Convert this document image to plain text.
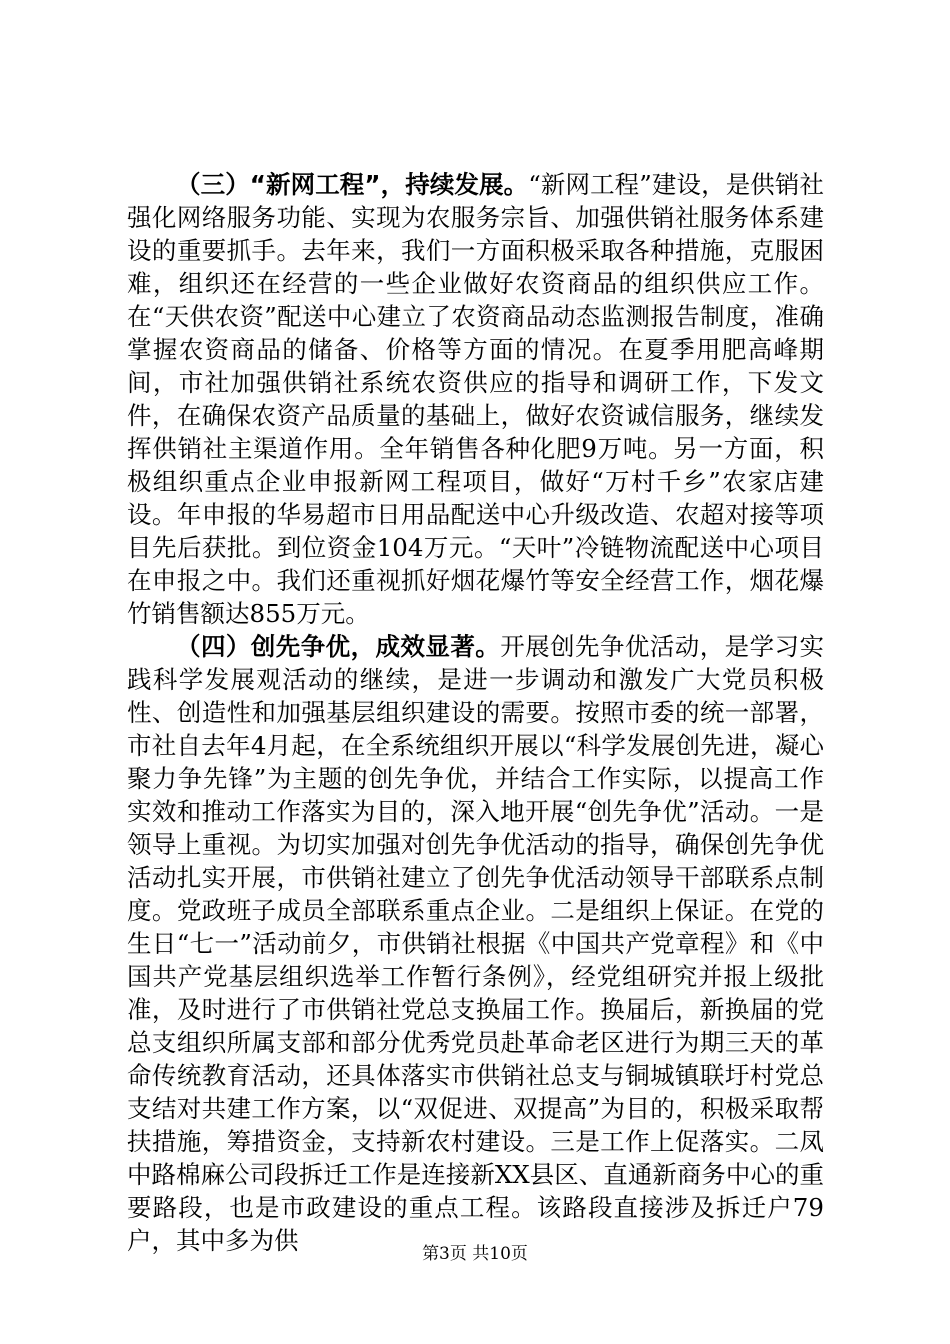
（三）“新网工程”，持续发展。“新网工程”建设，是供销社强化网络服务功能、实现为农服务宗旨、加强供销社服务体系建设的重要抓手。去年来，我们一方面积极采取各种措施，克服困难，组织还在经营的一些企业做好农资商品的组织供应工作。在“天供农资”配送中心建立了农资商品动态监测报告制度，准确掌握农资商品的储备、价格等方面的情况。在夏季用肥高峰期间，市社加强供销社系统农资供应的指导和调研工作，下发文件，在确保农资产品质量的基础上，做好农资诚信服务，继续发挥供销社主渠道作用。全年销售各种化肥9万吨。另一方面，积极组织重点企业申报新网工程项目，做好“万村千乡”农家店建设。年申报的华易超市日用品配送中心升级改造、农超对接等项目先后获批。到位资金104万元。“天叶”冷链物流配送中心项目在申报之中。我们还重视抓好烟花爆竹等安全经营工作，烟花爆竹销售额达855万元。

（四）创先争优，成效显著。开展创先争优活动，是学习实践科学发展观活动的继续，是进一步调动和激发广大党员积极性、创造性和加强基层组织建设的需要。按照市委的统一部署，市社自去年4月起，在全系统组织开展以“科学发展创先进，凝心聚力争先锋”为主题的创先争优，并结合工作实际，以提高工作实效和推动工作落实为目的，深入地开展“创先争优”活动。一是领导上重视。为切实加强对创先争优活动的指导，确保创先争优活动扎实开展，市供销社建立了创先争优活动领导干部联系点制度。党政班子成员全部联系重点企业。二是组织上保证。在党的生日“七一”活动前夕，市供销社根据《中国共产党章程》和《中国共产党基层组织选举工作暂行条例》，经党组研究并报上级批准，及时进行了市供销社党总支换届工作。换届后，新换届的党总支组织所属支部和部分优秀党员赴革命老区进行为期三天的革命传统教育活动，还具体落实市供销社总支与铜城镇联圩村党总支结对共建工作方案，以“双促进、双提高”为目的，积极采取帮扶措施，筹措资金，支持新农村建设。三是工作上促落实。二凤中路棉麻公司段拆迁工作是连接新XX县区、直通新商务中心的重要路段，也是市政建设的重点工程。该路段直接涉及拆迁户79户，其中多为供	第3页 共10页
